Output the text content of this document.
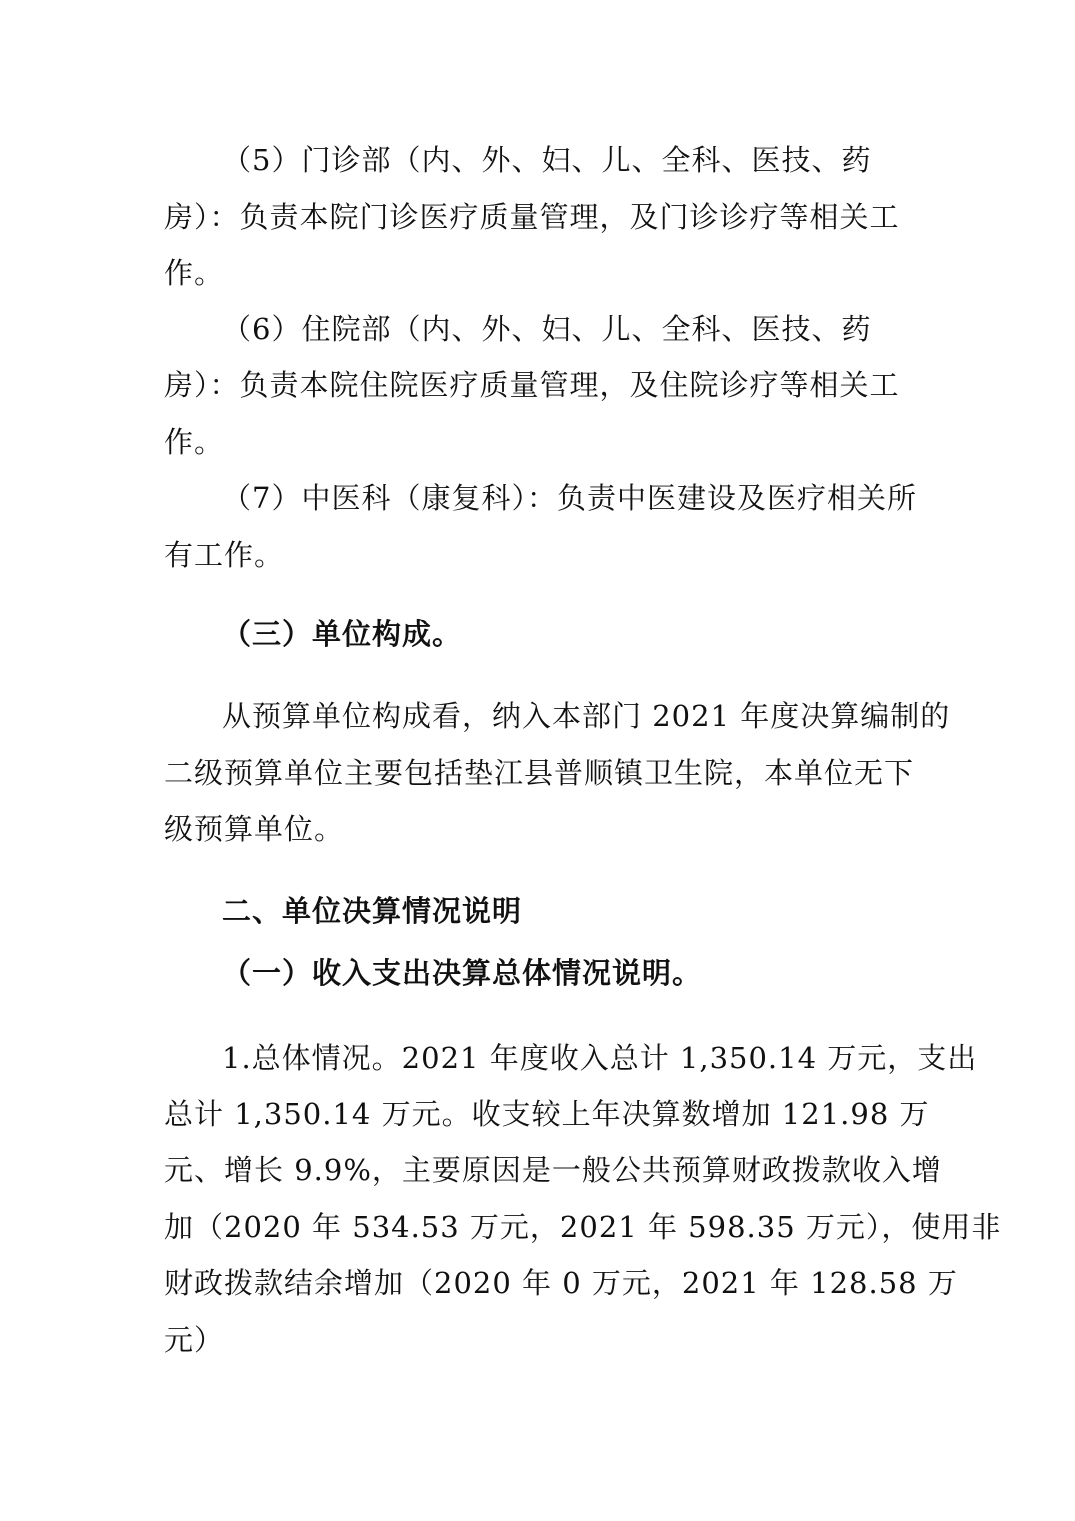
（5）门诊部（内、外、妇、儿、全科、医技、药
房）：负责本院门诊医疗质量管理，及门诊诊疗等相关工
作。
（6）住院部（内、外、妇、儿、全科、医技、药
房）：负责本院住院医疗质量管理，及住院诊疗等相关工
作。
（7）中医科（康复科）：负责中医建设及医疗相关所
有工作。
（三）单位构成。
从预算单位构成看，纳入本部门 2021 年度决算编制的
二级预算单位主要包括垫江县普顺镇卫生院，本单位无下
级预算单位。
二、单位决算情况说明
（一）收入支出决算总体情况说明。
1.总体情况。2021 年度收入总计 1,350.14 万元，支出
总计 1,350.14 万元。收支较上年决算数增加 121.98 万
元、增长 9.9%，主要原因是一般公共预算财政拨款收入增
加（2020 年 534.53 万元，2021 年 598.35 万元），使用非
财政拨款结余增加（2020 年 0 万元，2021 年 128.58 万
元）
